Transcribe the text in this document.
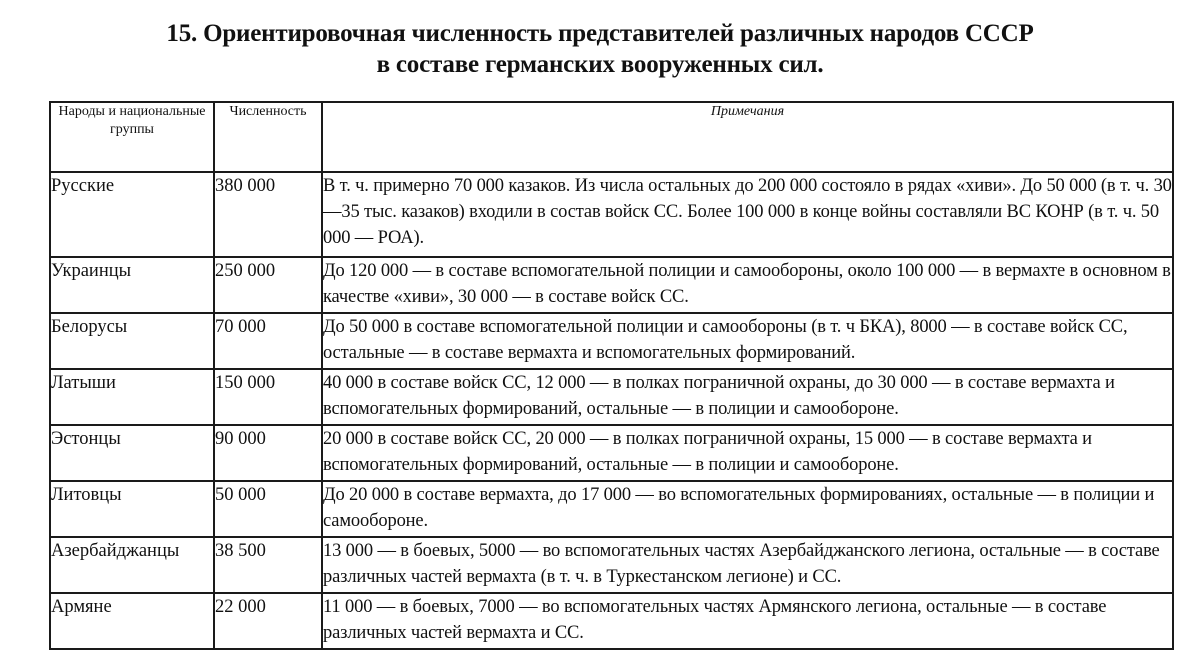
15. Ориентировочная численность представителей различных народов СССР
в составе германских вооруженных сил.
Народы и национальные группы	Численность	Примечания
Русские	380 000	В т. ч. примерно 70 000 казаков. Из числа остальных до 200 000 состояло в рядах «хиви». До 50 000 (в т. ч. 30—35 тыс. казаков) входили в состав войск СС. Более 100 000 в конце войны составляли ВС КОНР (в т. ч. 50 000 — РОА).
Украинцы	250 000	До 120 000 — в составе вспомогательной полиции и самообороны, около 100 000 — в вермахте в основном в качестве «хиви», 30 000 — в составе войск СС.
Белорусы	70 000	До 50 000 в составе вспомогательной полиции и самообороны (в т. ч БКА), 8000 — в составе войск СС, остальные — в составе вермахта и вспомогательных формирований.
Латыши	150 000	40 000 в составе войск СС, 12 000 — в полках пограничной охраны, до 30 000 — в составе вермахта и вспомогательных формирований, остальные — в полиции и самообороне.
Эстонцы	90 000	20 000 в составе войск СС, 20 000 — в полках пограничной охраны, 15 000 — в составе вермахта и вспомогательных формирований, остальные — в полиции и самообороне.
Литовцы	50 000	До 20 000 в составе вермахта, до 17 000 — во вспомогательных формированиях, остальные — в полиции и самообороне.
Азербайджанцы	38 500	13 000 — в боевых, 5000 — во вспомогательных частях Азербайджанского легиона, остальные — в составе различных частей вермахта (в т. ч. в Туркестанском легионе) и СС.
Армяне	22 000	11 000 — в боевых, 7000 — во вспомогательных частях Армянского легиона, остальные — в составе различных частей вермахта и СС.
